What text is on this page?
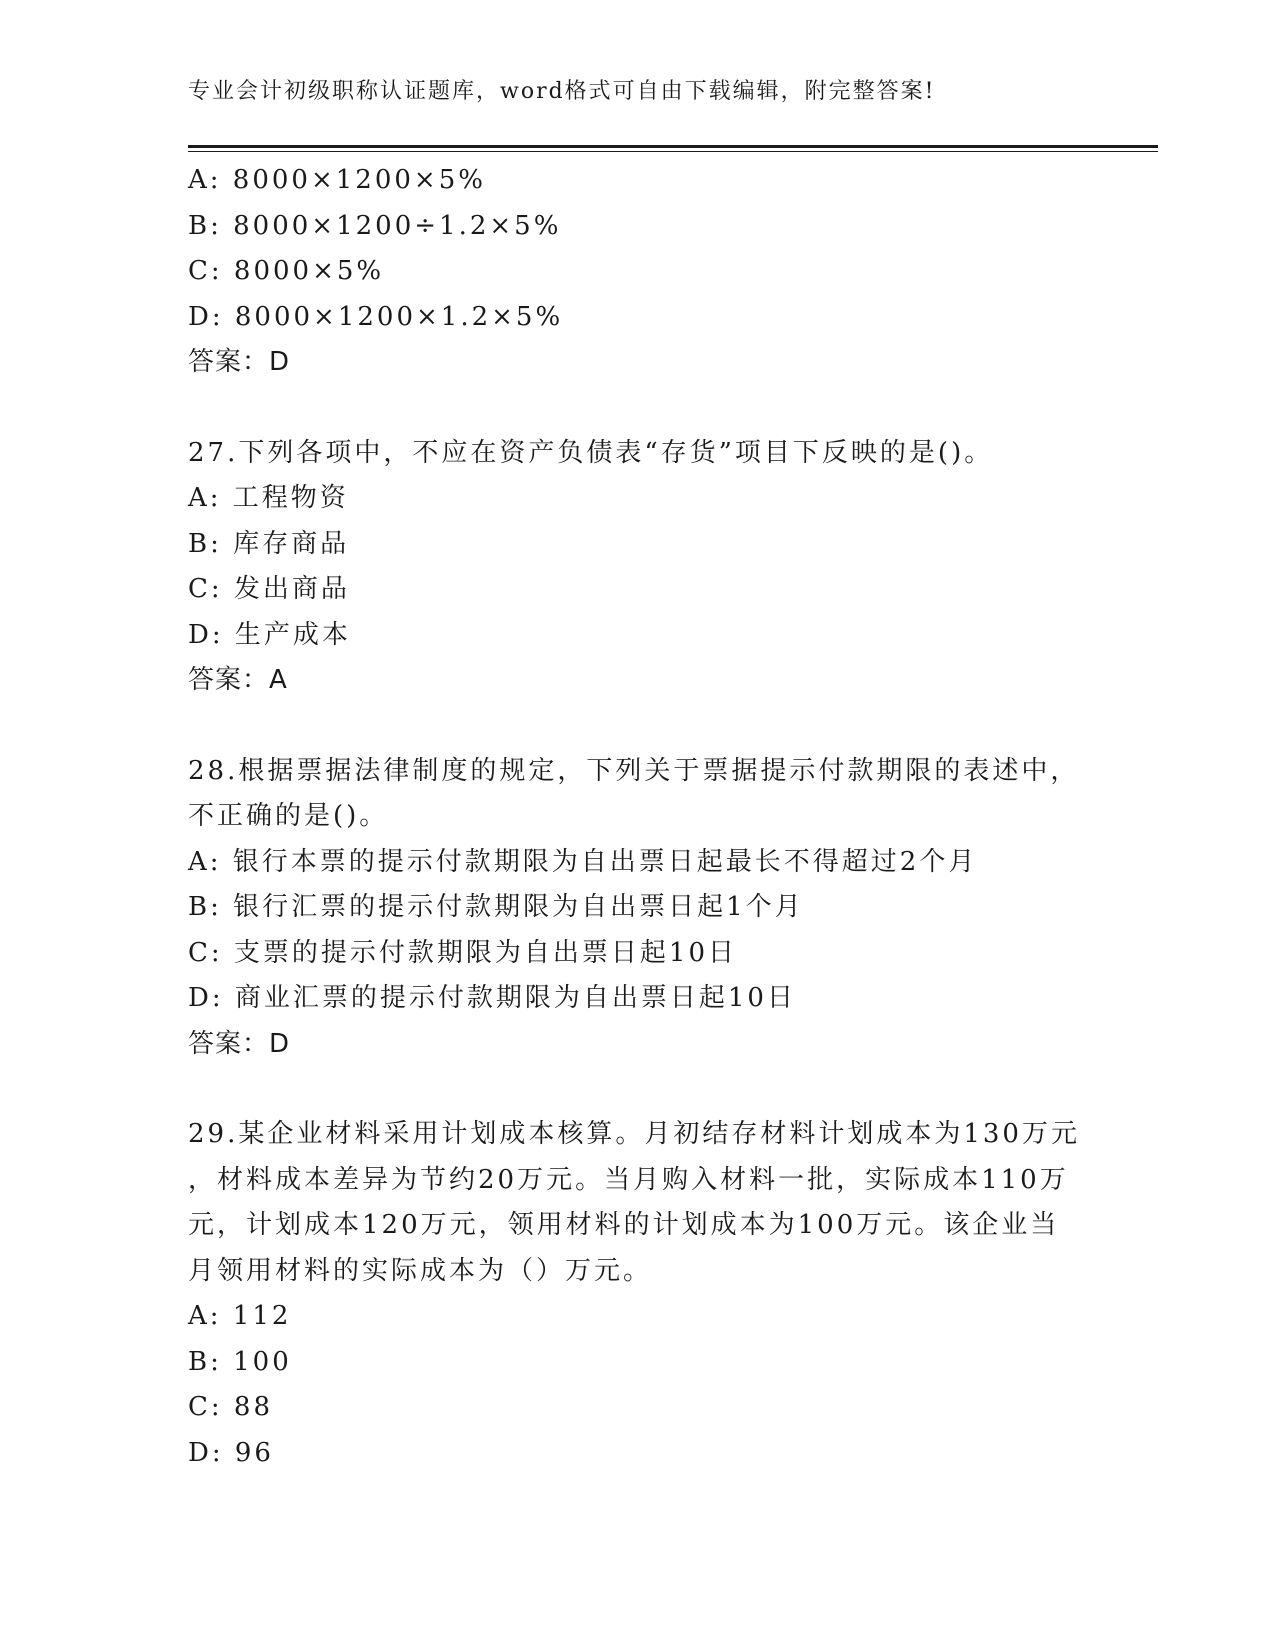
专业会计初级职称认证题库，word格式可自由下载编辑，附完整答案!
A: 8000×1200×5%
B: 8000×1200÷1.2×5%
C: 8000×5%
D: 8000×1200×1.2×5%
答案：D
27.下列各项中，不应在资产负债表“存货”项目下反映的是()。
A: 工程物资
B: 库存商品
C: 发出商品
D: 生产成本
答案：A
28.根据票据法律制度的规定，下列关于票据提示付款期限的表述中，
不正确的是()。
A: 银行本票的提示付款期限为自出票日起最长不得超过2个月
B: 银行汇票的提示付款期限为自出票日起1个月
C: 支票的提示付款期限为自出票日起10日
D: 商业汇票的提示付款期限为自出票日起10日
答案：D
29.某企业材料采用计划成本核算。月初结存材料计划成本为130万元
，材料成本差异为节约20万元。当月购入材料一批，实际成本110万
元，计划成本120万元，领用材料的计划成本为100万元。该企业当
月领用材料的实际成本为（）万元。
A: 112
B: 100
C: 88
D: 96
